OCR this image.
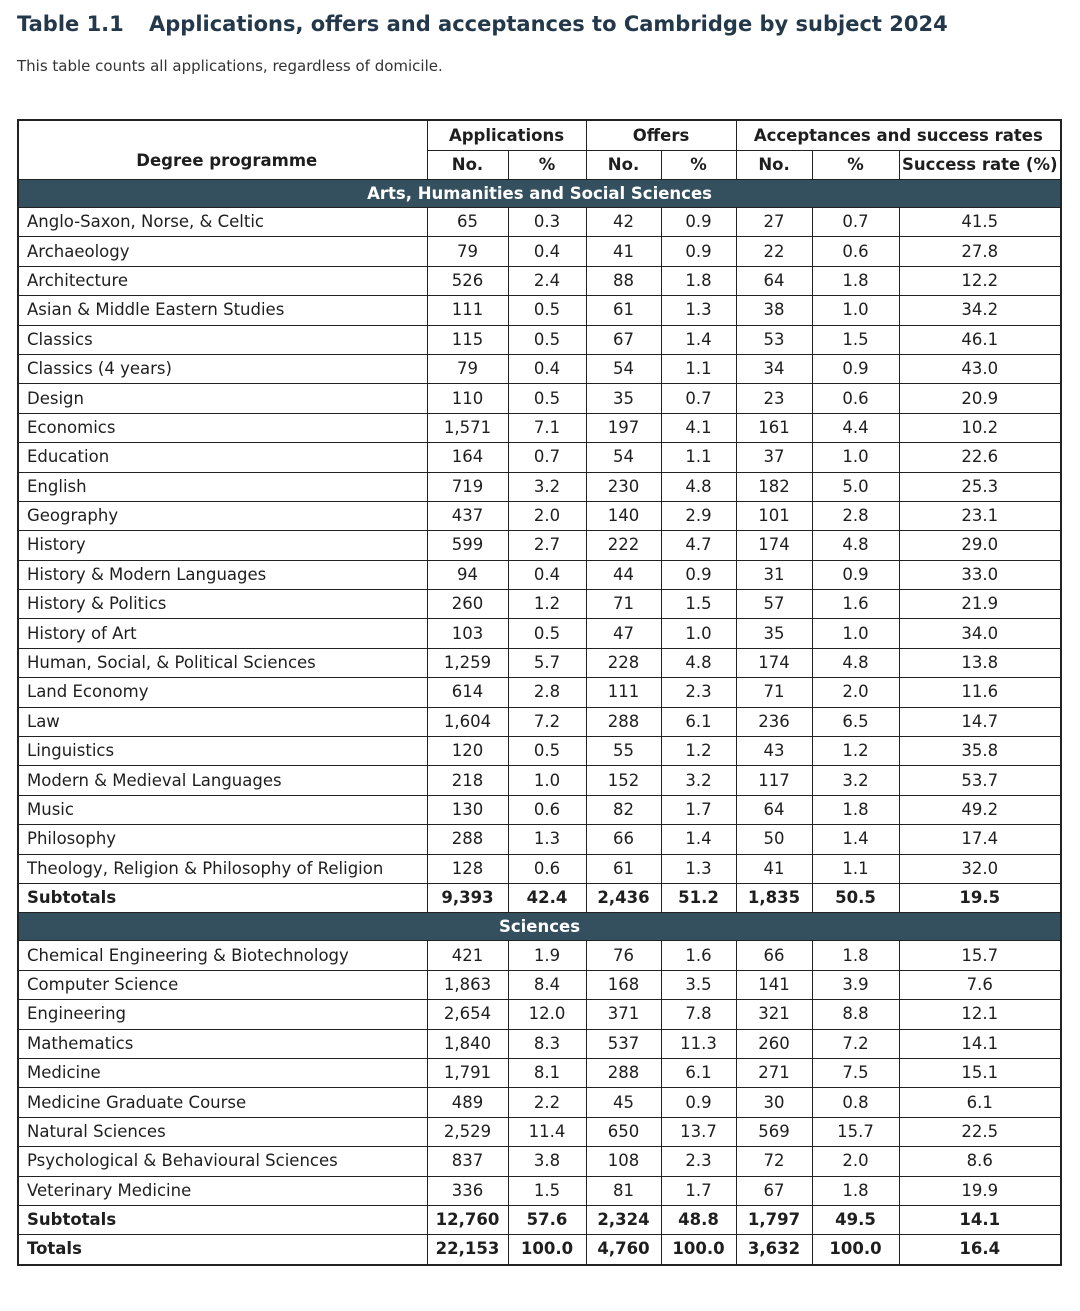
Table 1.1 Applications, offers and acceptances to Cambridge by subject 2024
This table counts all applications, regardless of domicile.
Degree programme	Applications		Offers		Acceptances and success rates		
	No.	%	No.	%	No.	%	Success rate (%)
Arts, Humanities and Social Sciences							
Anglo-Saxon, Norse, & Celtic	65	0.3	42	0.9	27	0.7	41.5
Archaeology	79	0.4	41	0.9	22	0.6	27.8
Architecture	526	2.4	88	1.8	64	1.8	12.2
Asian & Middle Eastern Studies	111	0.5	61	1.3	38	1.0	34.2
Classics	115	0.5	67	1.4	53	1.5	46.1
Classics (4 years)	79	0.4	54	1.1	34	0.9	43.0
Design	110	0.5	35	0.7	23	0.6	20.9
Economics	1,571	7.1	197	4.1	161	4.4	10.2
Education	164	0.7	54	1.1	37	1.0	22.6
English	719	3.2	230	4.8	182	5.0	25.3
Geography	437	2.0	140	2.9	101	2.8	23.1
History	599	2.7	222	4.7	174	4.8	29.0
History & Modern Languages	94	0.4	44	0.9	31	0.9	33.0
History & Politics	260	1.2	71	1.5	57	1.6	21.9
History of Art	103	0.5	47	1.0	35	1.0	34.0
Human, Social, & Political Sciences	1,259	5.7	228	4.8	174	4.8	13.8
Land Economy	614	2.8	111	2.3	71	2.0	11.6
Law	1,604	7.2	288	6.1	236	6.5	14.7
Linguistics	120	0.5	55	1.2	43	1.2	35.8
Modern & Medieval Languages	218	1.0	152	3.2	117	3.2	53.7
Music	130	0.6	82	1.7	64	1.8	49.2
Philosophy	288	1.3	66	1.4	50	1.4	17.4
Theology, Religion & Philosophy of Religion	128	0.6	61	1.3	41	1.1	32.0
Subtotals	9,393	42.4	2,436	51.2	1,835	50.5	19.5
Sciences							
Chemical Engineering & Biotechnology	421	1.9	76	1.6	66	1.8	15.7
Computer Science	1,863	8.4	168	3.5	141	3.9	7.6
Engineering	2,654	12.0	371	7.8	321	8.8	12.1
Mathematics	1,840	8.3	537	11.3	260	7.2	14.1
Medicine	1,791	8.1	288	6.1	271	7.5	15.1
Medicine Graduate Course	489	2.2	45	0.9	30	0.8	6.1
Natural Sciences	2,529	11.4	650	13.7	569	15.7	22.5
Psychological & Behavioural Sciences	837	3.8	108	2.3	72	2.0	8.6
Veterinary Medicine	336	1.5	81	1.7	67	1.8	19.9
Subtotals	12,760	57.6	2,324	48.8	1,797	49.5	14.1
Totals	22,153	100.0	4,760	100.0	3,632	100.0	16.4
